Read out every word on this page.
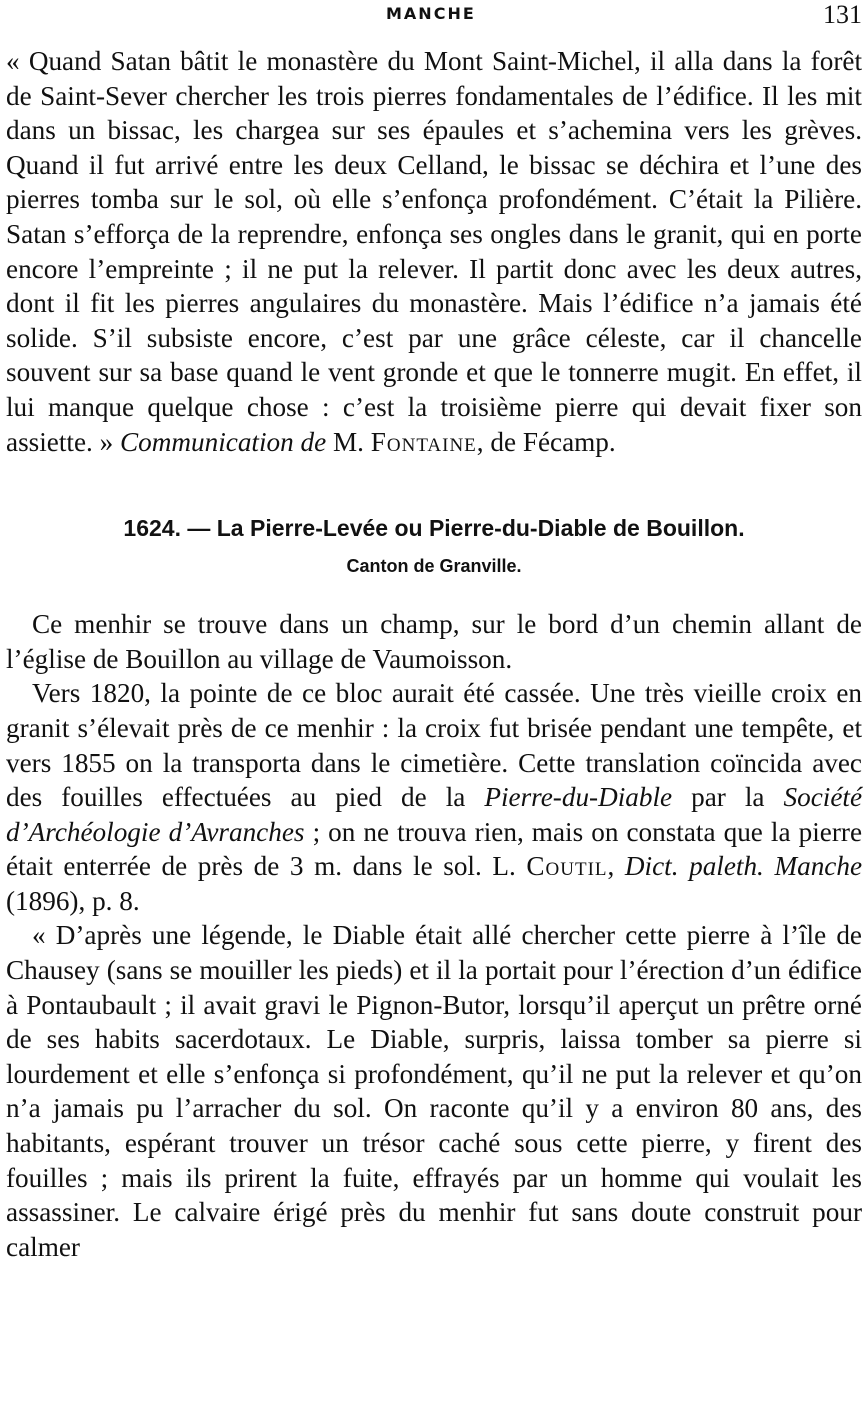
MANCHE	131

« Quand Satan bâtit le monastère du Mont Saint-Michel, il alla dans la forêt de Saint-Sever chercher les trois pierres fondamentales de l’édifice. Il les mit dans un bissac, les chargea sur ses épaules et s’achemina vers les grèves. Quand il fut arrivé entre les deux Celland, le bissac se déchira et l’une des pierres tomba sur le sol, où elle s’enfonça profondément. C’était la Pilière. Satan s’efforça de la reprendre, enfonça ses ongles dans le granit, qui en porte encore l’empreinte ; il ne put la relever. Il partit donc avec les deux autres, dont il fit les pierres angulaires du monastère. Mais l’édifice n’a jamais été solide. S’il subsiste encore, c’est par une grâce céleste, car il chancelle souvent sur sa base quand le vent gronde et que le tonnerre mugit. En effet, il lui manque quelque chose : c’est la troisième pierre qui devait fixer son assiette. » Communication de M. Fontaine, de Fécamp.

1624. — La Pierre-Levée ou Pierre-du-Diable de Bouillon.
Canton de Granville.

Ce menhir se trouve dans un champ, sur le bord d’un chemin allant de l’église de Bouillon au village de Vaumoisson.

Vers 1820, la pointe de ce bloc aurait été cassée. Une très vieille croix en granit s’élevait près de ce menhir : la croix fut brisée pendant une tempête, et vers 1855 on la transporta dans le cimetière. Cette translation coïncida avec des fouilles effectuées au pied de la Pierre-du-Diable par la Société d’Archéologie d’Avranches ; on ne trouva rien, mais on constata que la pierre était enterrée de près de 3 m. dans le sol. L. Coutil, Dict. paleth. Manche (1896), p. 8.

« D’après une légende, le Diable était allé chercher cette pierre à l’île de Chausey (sans se mouiller les pieds) et il la portait pour l’érection d’un édifice à Pontaubault ; il avait gravi le Pignon-Butor, lorsqu’il aperçut un prêtre orné de ses habits sacerdotaux. Le Diable, surpris, laissa tomber sa pierre si lourdement et elle s’enfonça si profondément, qu’il ne put la relever et qu’on n’a jamais pu l’arracher du sol. On raconte qu’il y a environ 80 ans, des habitants, espérant trouver un trésor caché sous cette pierre, y firent des fouilles ; mais ils prirent la fuite, effrayés par un homme qui voulait les assassiner. Le calvaire érigé près du menhir fut sans doute construit pour calmer
